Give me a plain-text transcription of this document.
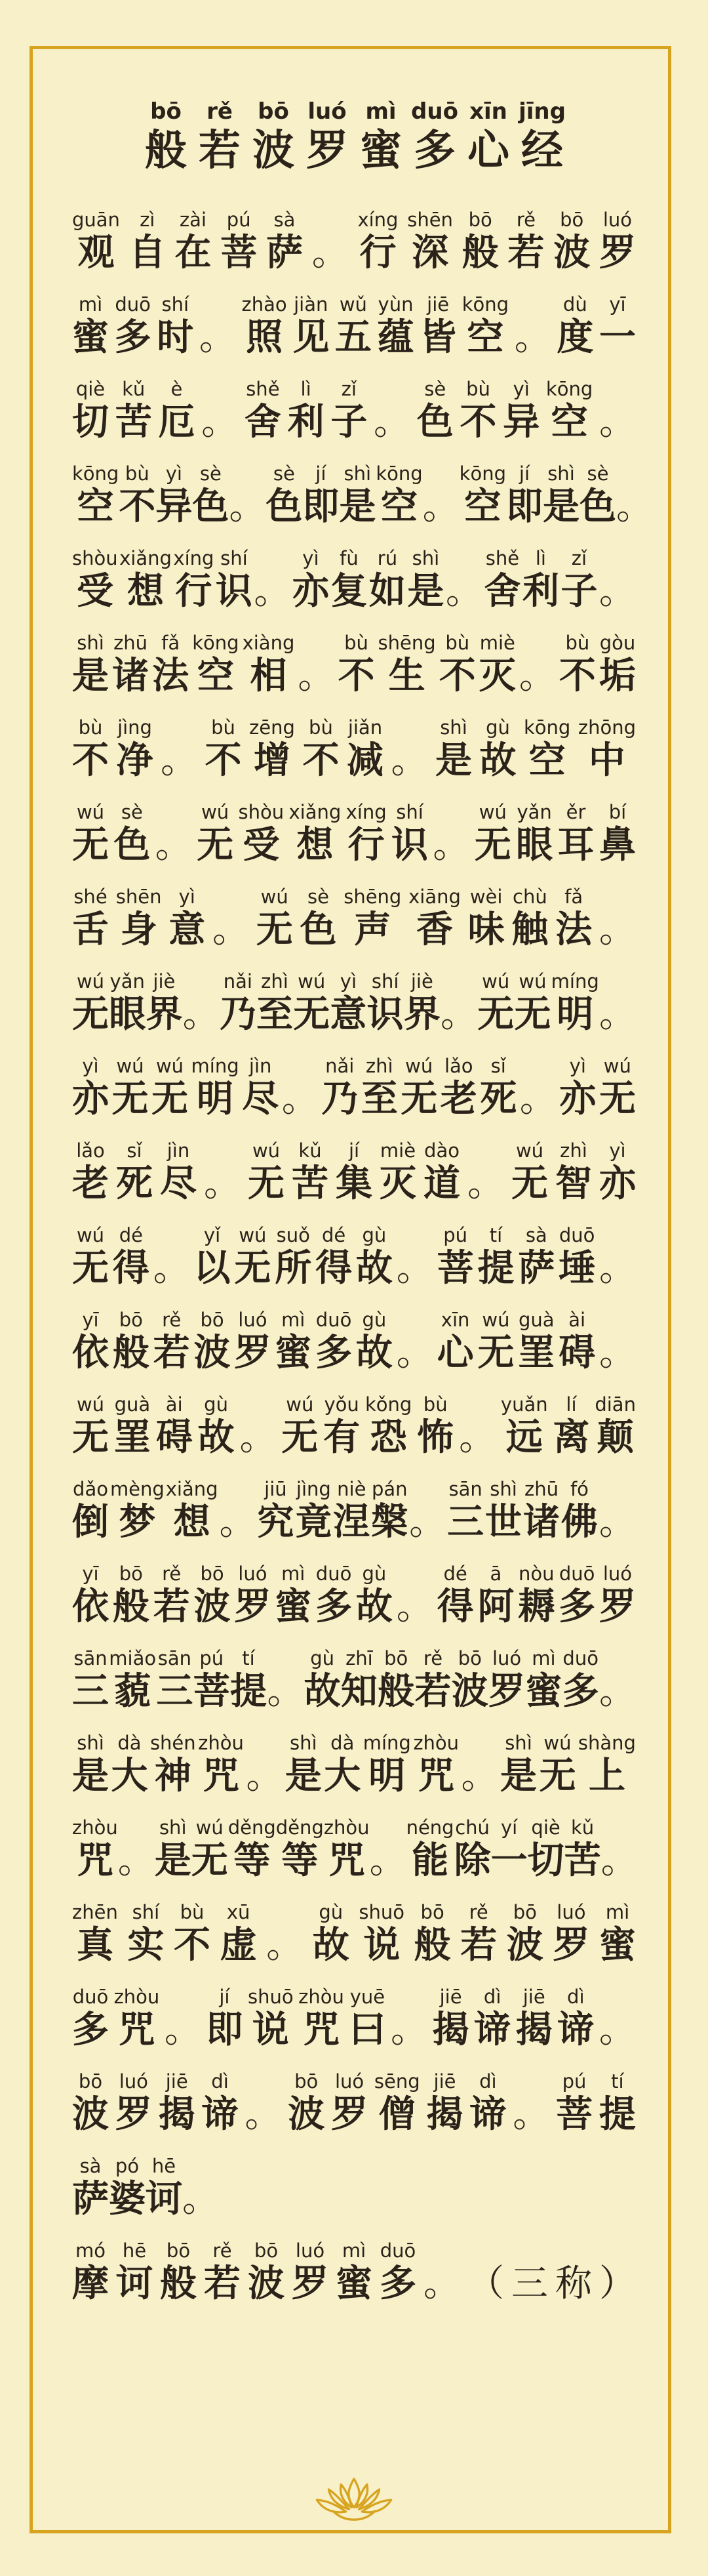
bō
般
rě
若
bō
波
luó
罗
mì
蜜
duō
多
xīn
心
jīng
经
guān
观
zì
自
zài
在
pú
菩
sà
萨
。
xíng
行
shēn
深
bō
般
rě
若
bō
波
luó
罗
mì
蜜
duō
多
shí
时
。
zhào
照
jiàn
见
wǔ
五
yùn
蕴
jiē
皆
kōng
空
。
dù
度
yī
一
qiè
切
kǔ
苦
è
厄
。
shě
舍
lì
利
zǐ
子
。
sè
色
bù
不
yì
异
kōng
空
。
kōng
空
bù
不
yì
异
sè
色
。
sè
色
jí
即
shì
是
kōng
空
。
kōng
空
jí
即
shì
是
sè
色
。
shòu
受
xiǎng
想
xíng
行
shí
识
。
yì
亦
fù
复
rú
如
shì
是
。
shě
舍
lì
利
zǐ
子
。
shì
是
zhū
诸
fǎ
法
kōng
空
xiàng
相
。
bù
不
shēng
生
bù
不
miè
灭
。
bù
不
gòu
垢
bù
不
jìng
净
。
bù
不
zēng
增
bù
不
jiǎn
减
。
shì
是
gù
故
kōng
空
zhōng
中
wú
无
sè
色
。
wú
无
shòu
受
xiǎng
想
xíng
行
shí
识
。
wú
无
yǎn
眼
ěr
耳
bí
鼻
shé
舌
shēn
身
yì
意
。
wú
无
sè
色
shēng
声
xiāng
香
wèi
味
chù
触
fǎ
法
。
wú
无
yǎn
眼
jiè
界
。
nǎi
乃
zhì
至
wú
无
yì
意
shí
识
jiè
界
。
wú
无
wú
无
míng
明
。
yì
亦
wú
无
wú
无
míng
明
jìn
尽
。
nǎi
乃
zhì
至
wú
无
lǎo
老
sǐ
死
。
yì
亦
wú
无
lǎo
老
sǐ
死
jìn
尽
。
wú
无
kǔ
苦
jí
集
miè
灭
dào
道
。
wú
无
zhì
智
yì
亦
wú
无
dé
得
。
yǐ
以
wú
无
suǒ
所
dé
得
gù
故
。
pú
菩
tí
提
sà
萨
duō
埵
。
yī
依
bō
般
rě
若
bō
波
luó
罗
mì
蜜
duō
多
gù
故
。
xīn
心
wú
无
guà
罣
ài
碍
。
wú
无
guà
罣
ài
碍
gù
故
。
wú
无
yǒu
有
kǒng
恐
bù
怖
。
yuǎn
远
lí
离
diān
颠
dǎo
倒
mèng
梦
xiǎng
想
。
jiū
究
jìng
竟
niè
涅
pán
槃
。
sān
三
shì
世
zhū
诸
fó
佛
。
yī
依
bō
般
rě
若
bō
波
luó
罗
mì
蜜
duō
多
gù
故
。
dé
得
ā
阿
nòu
耨
duō
多
luó
罗
sān
三
miǎo
藐
sān
三
pú
菩
tí
提
。
gù
故
zhī
知
bō
般
rě
若
bō
波
luó
罗
mì
蜜
duō
多
。
shì
是
dà
大
shén
神
zhòu
咒
。
shì
是
dà
大
míng
明
zhòu
咒
。
shì
是
wú
无
shàng
上
zhòu
咒
。
shì
是
wú
无
děng
等
děng
等
zhòu
咒
。
néng
能
chú
除
yí
一
qiè
切
kǔ
苦
。
zhēn
真
shí
实
bù
不
xū
虚
。
gù
故
shuō
说
bō
般
rě
若
bō
波
luó
罗
mì
蜜
duō
多
zhòu
咒
。
jí
即
shuō
说
zhòu
咒
yuē
曰
。
jiē
揭
dì
谛
jiē
揭
dì
谛
。
bō
波
luó
罗
jiē
揭
dì
谛
。
bō
波
luó
罗
sēng
僧
jiē
揭
dì
谛
。
pú
菩
tí
提
sà
萨
pó
婆
hē
诃
。
mó
摩
hē
诃
bō
般
rě
若
bō
波
luó
罗
mì
蜜
duō
多
。
（
三
称
）
